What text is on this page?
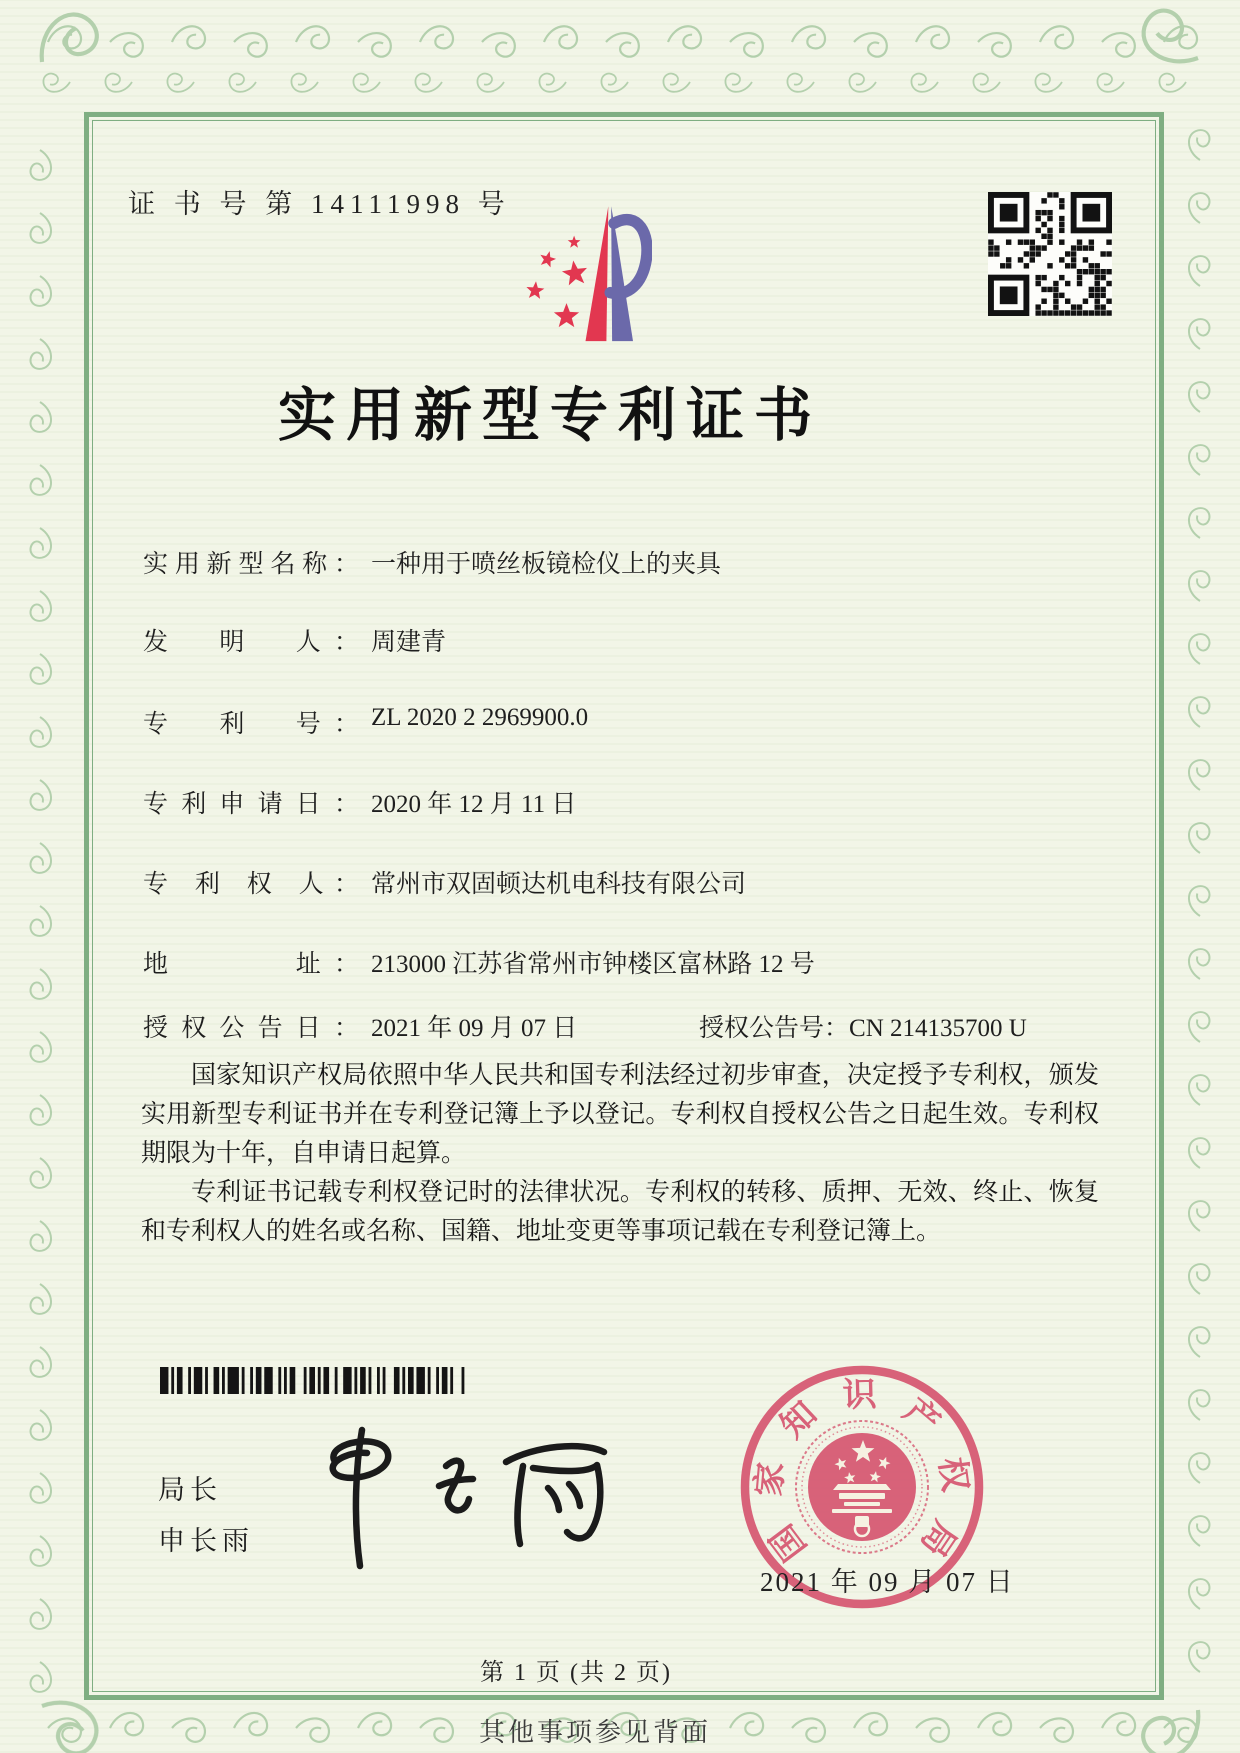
证 书 号 第 14111998 号
实用新型专利证书
实用新型名称： 一种用于喷丝板镜检仪上的夹具
发　明　人： 周建青
专　利　号： ZL 2020 2 2969900.0
专利申请日： 2020 年 12 月 11 日
专 利 权 人： 常州市双固顿达机电科技有限公司
地　　　址： 213000 江苏省常州市钟楼区富林路 12 号
授权公告日： 2021 年 09 月 07 日	授权公告号：CN 214135700 U

国家知识产权局依照中华人民共和国专利法经过初步审查，决定授予专利权，颁发实用新型专利证书并在专利登记簿上予以登记。专利权自授权公告之日起生效。专利权期限为十年，自申请日起算。

专利证书记载专利权登记时的法律状况。专利权的转移、质押、无效、终止、恢复和专利权人的姓名或名称、国籍、地址变更等事项记载在专利登记簿上。

局长
申长雨	国
家
知 识 产
权
局
2021 年 09 月 07 日
第 1 页 (共 2 页)
其他事项参见背面
